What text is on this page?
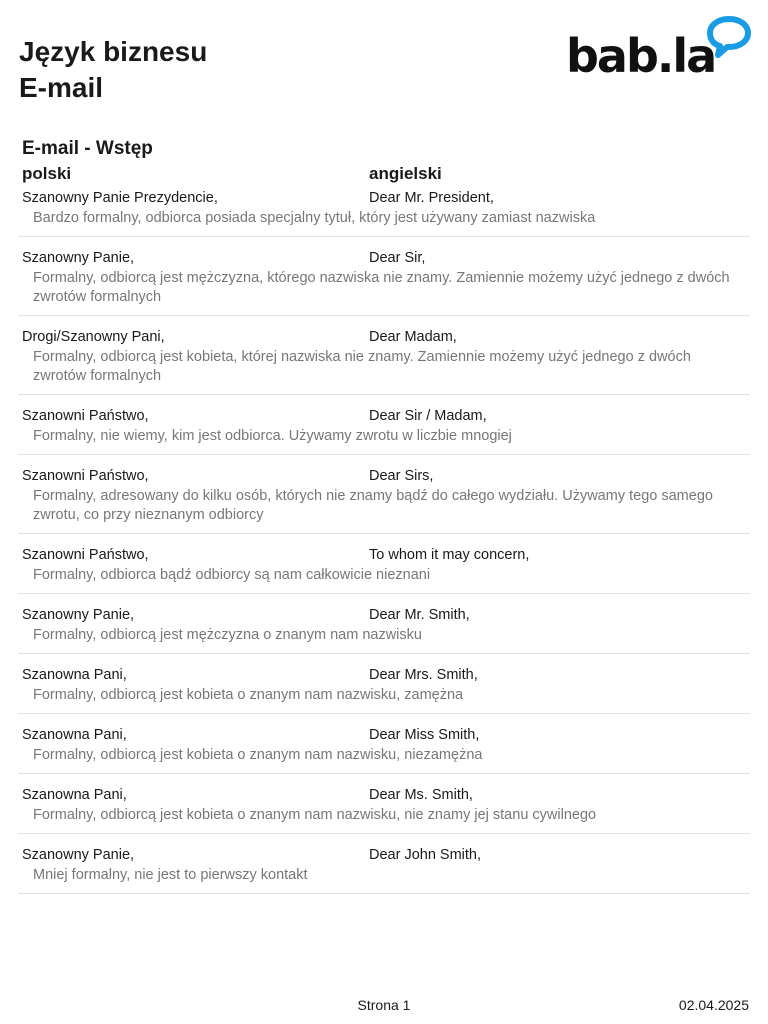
Język biznesu
E-mail
bab.la
E-mail - Wstęp
polski	angielski
Szanowny Panie Prezydencie,	Dear Mr. President,
Bardzo formalny, odbiorca posiada specjalny tytuł, który jest używany zamiast nazwiska
Szanowny Panie,	Dear Sir,
Formalny, odbiorcą jest mężczyzna, którego nazwiska nie znamy. Zamiennie możemy użyć jednego z dwóch zwrotów formalnych
Drogi/Szanowny Pani,	Dear Madam,
Formalny, odbiorcą jest kobieta, której nazwiska nie znamy. Zamiennie możemy użyć jednego z dwóch zwrotów formalnych
Szanowni Państwo,	Dear Sir / Madam,
Formalny, nie wiemy, kim jest odbiorca. Używamy zwrotu w liczbie mnogiej
Szanowni Państwo,	Dear Sirs,
Formalny, adresowany do kilku osób, których nie znamy bądź do całego wydziału. Używamy tego samego zwrotu, co przy nieznanym odbiorcy
Szanowni Państwo,	To whom it may concern,
Formalny, odbiorca bądź odbiorcy są nam całkowicie nieznani
Szanowny Panie,	Dear Mr. Smith,
Formalny, odbiorcą jest mężczyzna o znanym nam nazwisku
Szanowna Pani,	Dear Mrs. Smith,
Formalny, odbiorcą jest kobieta o znanym nam nazwisku, zamężna
Szanowna Pani,	Dear Miss Smith,
Formalny, odbiorcą jest kobieta o znanym nam nazwisku, niezamężna
Szanowna Pani,	Dear Ms. Smith,
Formalny, odbiorcą jest kobieta o znanym nam nazwisku, nie znamy jej stanu cywilnego
Szanowny Panie,	Dear John Smith,
Mniej formalny, nie jest to pierwszy kontakt
Strona 1	02.04.2025
